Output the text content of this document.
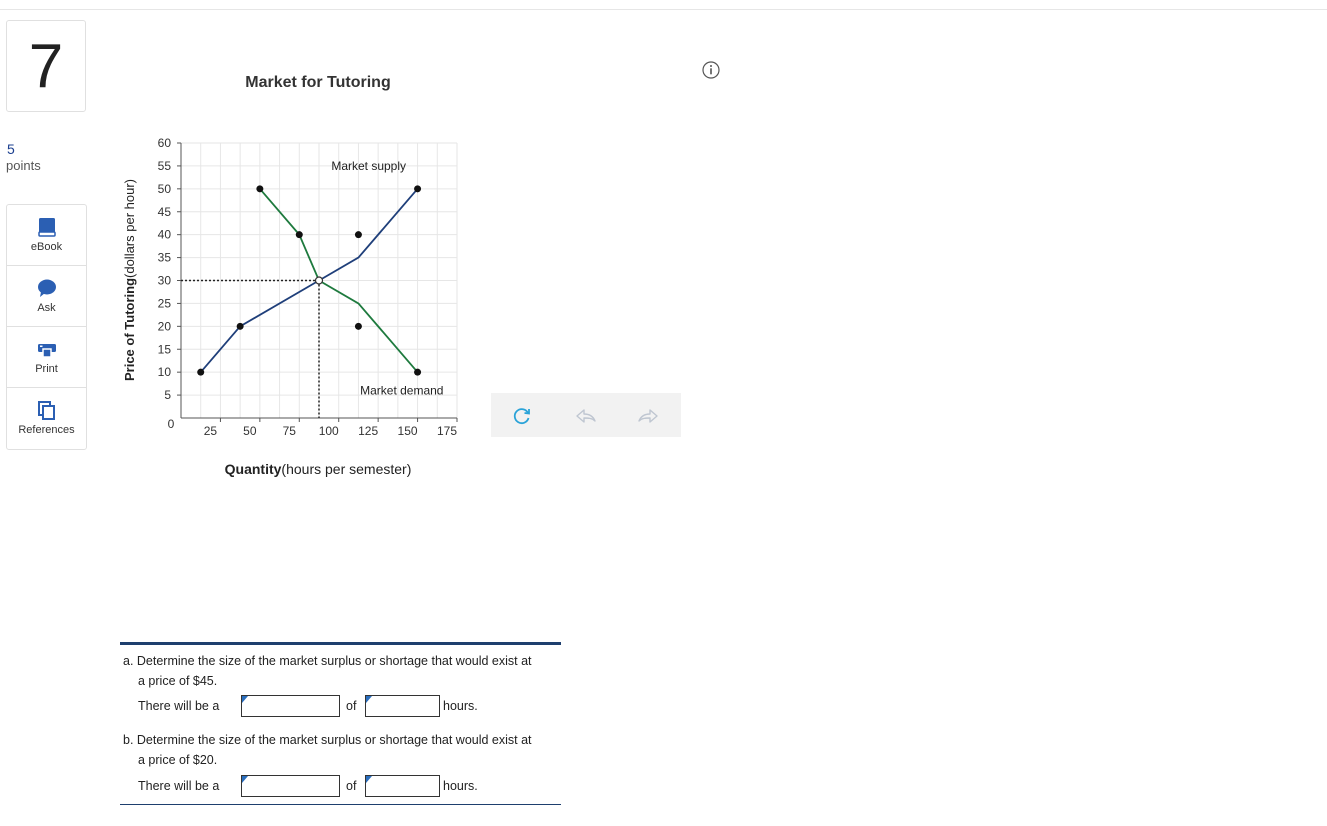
7
5
points
eBook
Ask
Print
References
Market for Tutoring
5
10
15
20
25
30
35
40
45
50
55
60
25 50 75 100 125 150 175
Market supply
Market demand
0
Price of Tutoring(dollars per hour)
Quantity(hours per semester)
a. Determine the size of the market surplus or shortage that would exist at
a price of $45.
There will be a	of	hours.
b. Determine the size of the market surplus or shortage that would exist at
a price of $20.
There will be a	of	hours.
